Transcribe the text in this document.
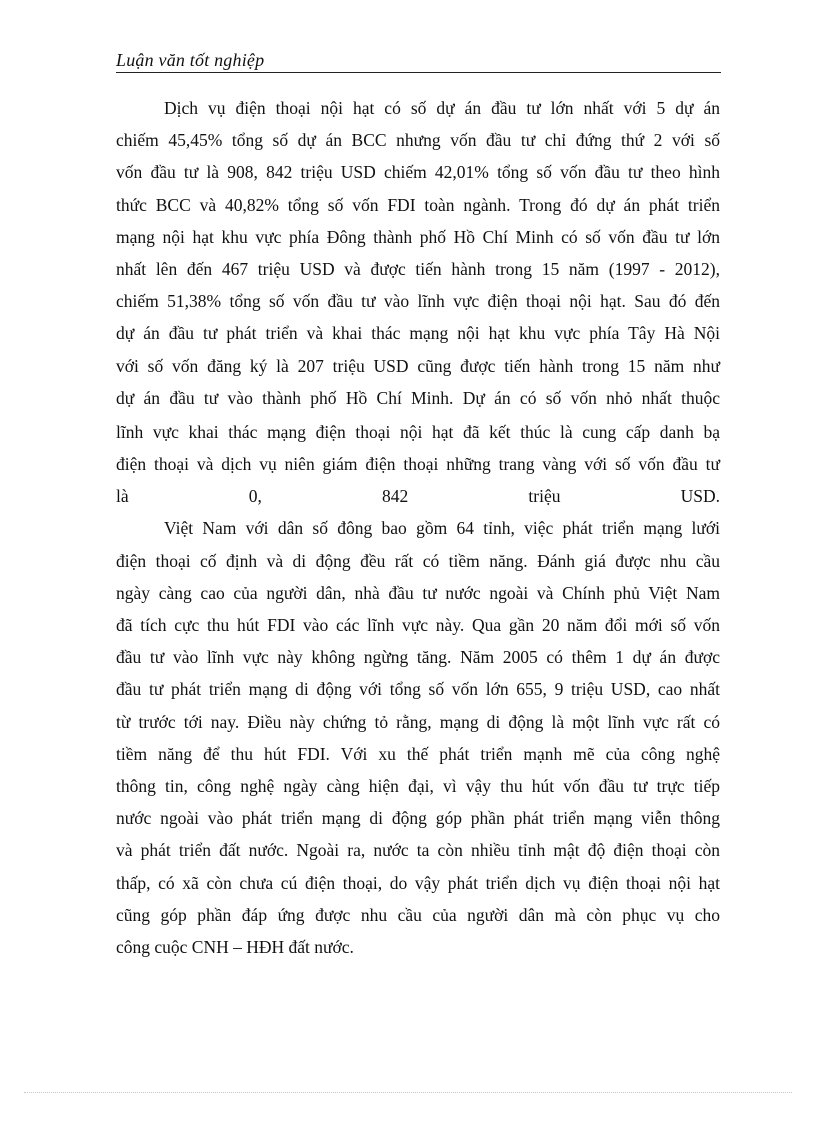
Luận văn tốt nghiệp
Dịch vụ điện thoại nội hạt có số dự án đầu tư lớn nhất với 5 dự án
chiếm 45,45% tổng số dự án BCC nhưng vốn đầu tư chỉ đứng thứ 2 với số
vốn đầu tư là 908, 842 triệu USD chiếm 42,01% tổng số vốn đầu tư theo hình
thức BCC và 40,82% tổng số vốn FDI toàn ngành. Trong đó dự án phát triển
mạng nội hạt khu vực phía Đông thành phố Hồ Chí Minh có số vốn đầu tư lớn
nhất lên đến 467 triệu USD và được tiến hành trong 15 năm (1997 - 2012),
chiếm 51,38% tổng số vốn đầu tư vào lĩnh vực điện thoại nội hạt. Sau đó đến
dự án đầu tư phát triển và khai thác mạng nội hạt khu vực phía Tây Hà Nội
với số vốn đăng ký là 207 triệu USD cũng được tiến hành trong 15 năm như
dự án đầu tư vào thành phố Hồ Chí Minh. Dự án có số vốn nhỏ nhất thuộc
lĩnh vực khai thác mạng điện thoại nội hạt đã kết thúc là cung cấp danh bạ
điện thoại và dịch vụ niên giám điện thoại những trang vàng với số vốn đầu tư
là 0, 842 triệu USD.
Việt Nam với dân số đông bao gồm 64 tỉnh, việc phát triển mạng lưới
điện thoại cố định và di động đều rất có tiềm năng. Đánh giá được nhu cầu
ngày càng cao của người dân, nhà đầu tư nước ngoài và Chính phủ Việt Nam
đã tích cực thu hút FDI vào các lĩnh vực này. Qua gần 20 năm đổi mới số vốn
đầu tư vào lĩnh vực này không ngừng tăng. Năm 2005 có thêm 1 dự án được
đầu tư phát triển mạng di động với tổng số vốn lớn 655, 9 triệu USD, cao nhất
từ trước tới nay. Điều này chứng tỏ rằng, mạng di động là một lĩnh vực rất có
tiềm năng để thu hút FDI. Với xu thế phát triển mạnh mẽ của công nghệ
thông tin, công nghệ ngày càng hiện đại, vì vậy thu hút vốn đầu tư trực tiếp
nước ngoài vào phát triển mạng di động góp phần phát triển mạng viễn thông
và phát triển đất nước. Ngoài ra, nước ta còn nhiều tỉnh mật độ điện thoại còn
thấp, có xã còn chưa cú điện thoại, do vậy phát triển dịch vụ điện thoại nội hạt
cũng góp phần đáp ứng được nhu cầu của người dân mà còn phục vụ cho
công cuộc CNH – HĐH đất nước.
